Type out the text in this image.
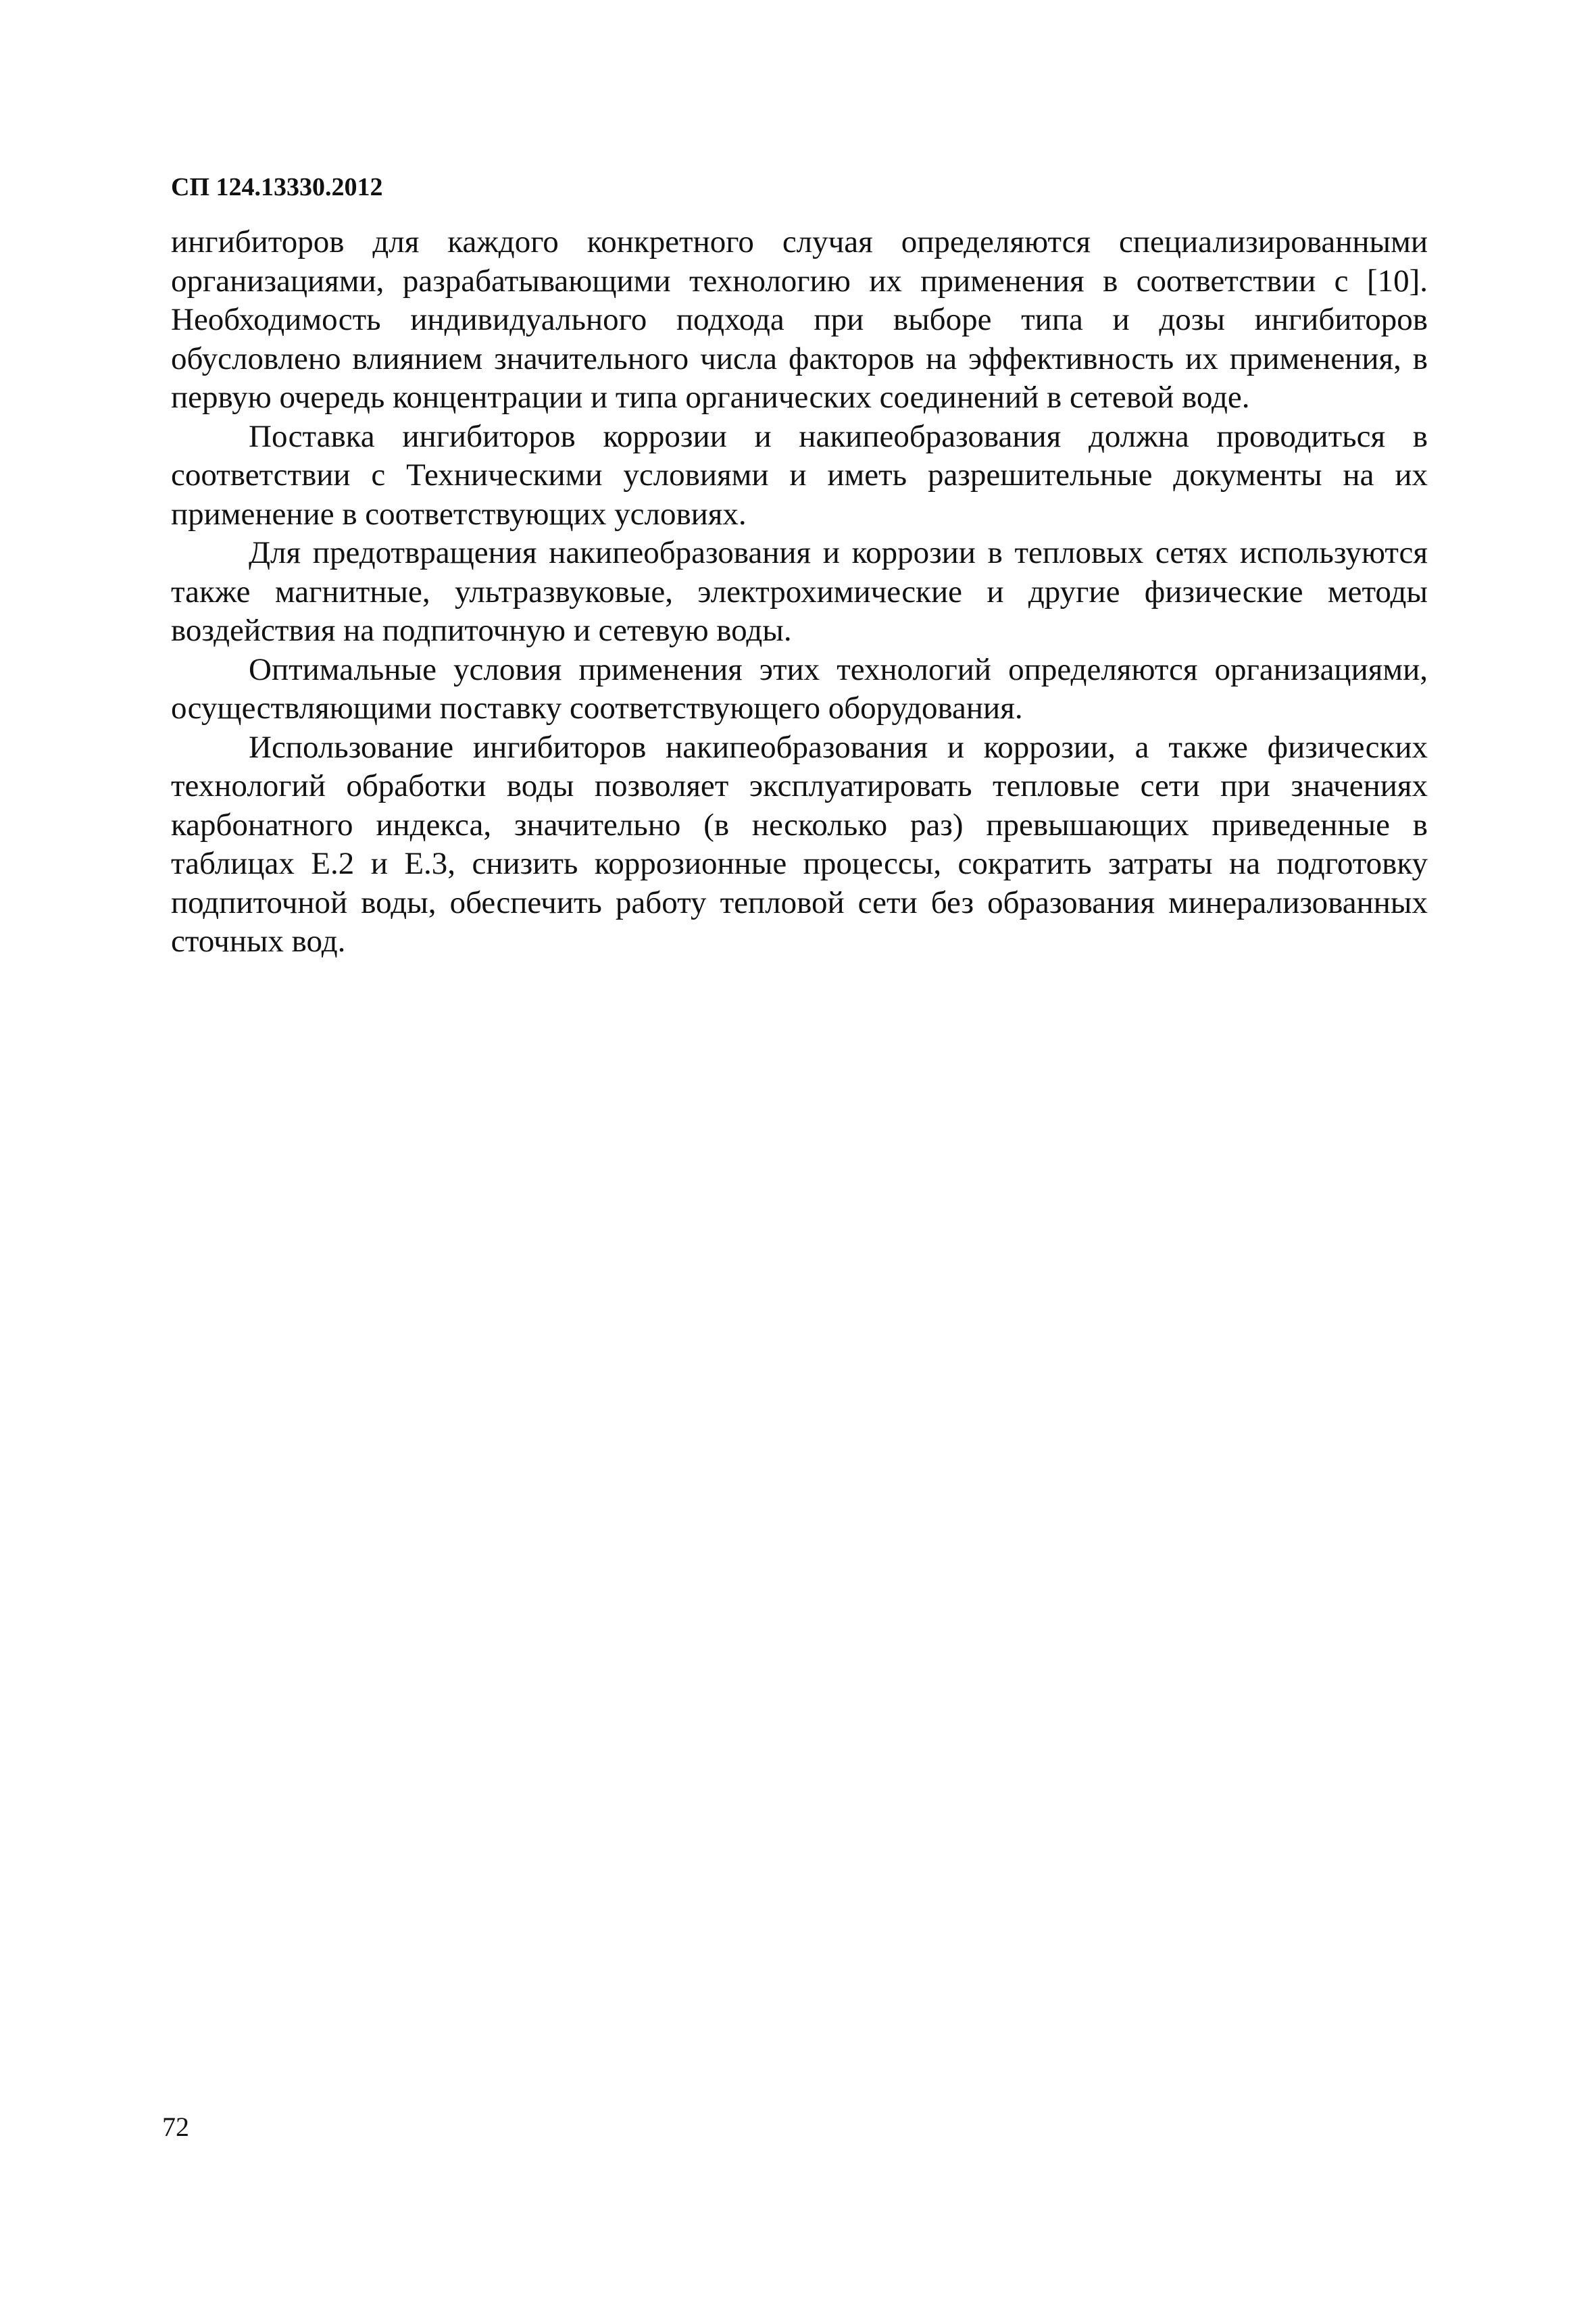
СП 124.13330.2012

ингибиторов для каждого конкретного случая определяются специализированными организациями, разрабатывающими технологию их применения в соответствии с [10]. Необходимость индивидуального подхода при выборе типа и дозы ингибиторов обусловлено влиянием значительного числа факторов на эффективность их применения, в первую очередь концентрации и типа органических соединений в сетевой воде.

Поставка ингибиторов коррозии и накипеобразования должна проводиться в соответствии с Техническими условиями и иметь разрешительные документы на их применение в соответствующих условиях.

Для предотвращения накипеобразования и коррозии в тепловых сетях используются также магнитные, ультразвуковые, электрохимические и другие физические методы воздействия на подпиточную и сетевую воды.

Оптимальные условия применения этих технологий определяются организациями, осуществляющими поставку соответствующего оборудования.

Использование ингибиторов накипеобразования и коррозии, а также физических технологий обработки воды позволяет эксплуатировать тепловые сети при значениях карбонатного индекса, значительно (в несколько раз) превышающих приведенные в таблицах Е.2 и Е.3, снизить коррозионные процессы, сократить затраты на подготовку подпиточной воды, обеспечить работу тепловой сети без образования минерализованных сточных вод.

72
